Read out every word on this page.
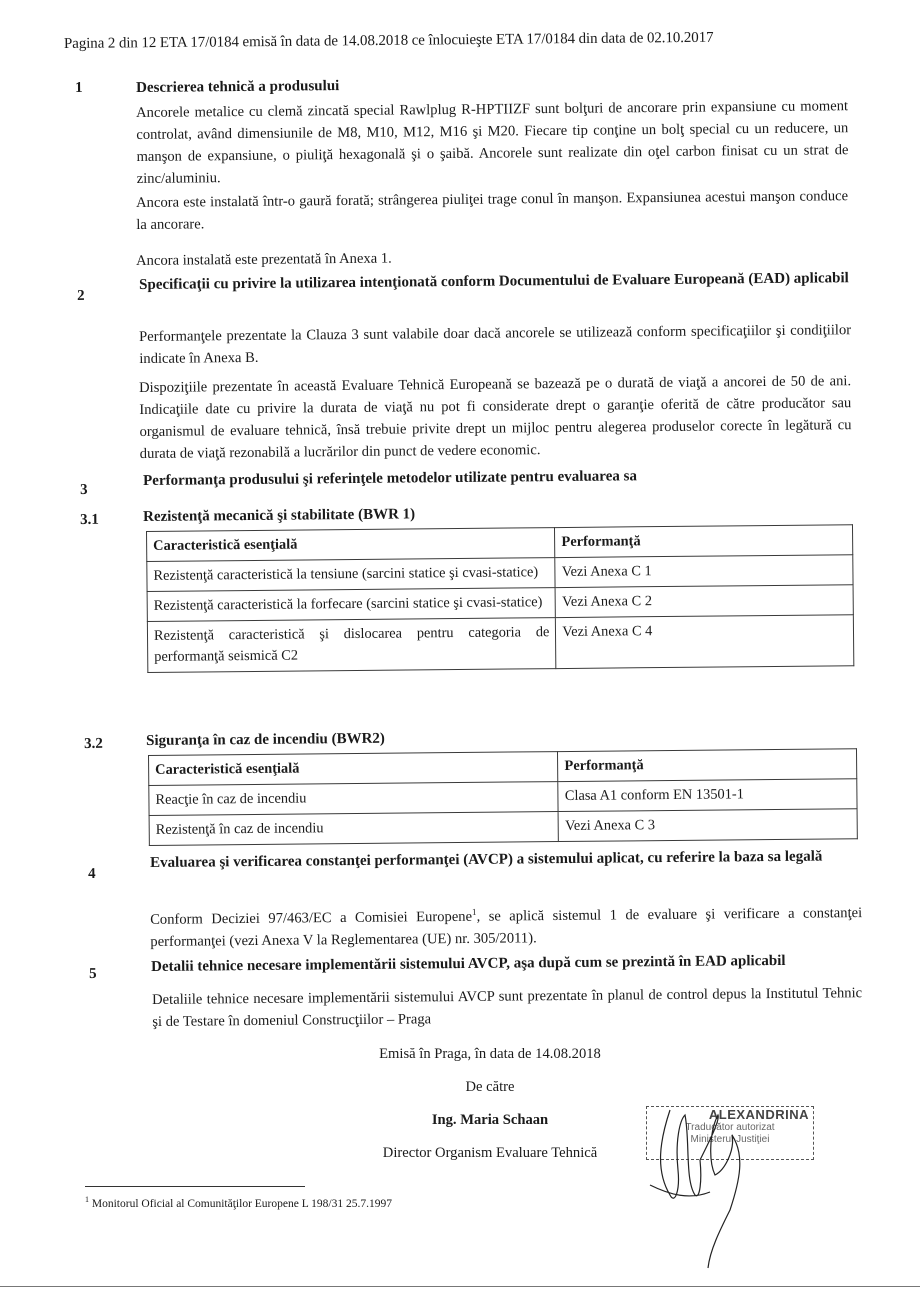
Pagina 2 din 12 ETA 17/0184 emisă în data de 14.08.2018 ce înlocuieşte ETA 17/0184 din data de 02.10.2017
1	Descrierea tehnică a produsului
Ancorele metalice cu clemă zincată special Rawlplug R-HPTIIZF sunt bolţuri de ancorare prin expansiune cu moment controlat, având dimensiunile de M8, M10, M12, M16 şi M20. Fiecare tip conţine un bolţ special cu un reducere, un manşon de expansiune, o piuliţă hexagonală şi o şaibă. Ancorele sunt realizate din oţel carbon finisat cu un strat de zinc/aluminiu.
Ancora este instalată într-o gaură forată; strângerea piuliţei trage conul în manşon. Expansiunea acestui manşon conduce la ancorare.
Ancora instalată este prezentată în Anexa 1.
2
Specificaţii cu privire la utilizarea intenţionată conform Documentului de Evaluare Europeană (EAD) aplicabil
Performanţele prezentate la Clauza 3 sunt valabile doar dacă ancorele se utilizează conform specificaţiilor şi condiţiilor indicate în Anexa B.
Dispoziţiile prezentate în această Evaluare Tehnică Europeană se bazează pe o durată de viaţă a ancorei de 50 de ani. Indicaţiile date cu privire la durata de viaţă nu pot fi considerate drept o garanţie oferită de către producător sau organismul de evaluare tehnică, însă trebuie privite drept un mijloc pentru alegerea produselor corecte în legătură cu durata de viaţă rezonabilă a lucrărilor din punct de vedere economic.
3
Performanţa produsului şi referinţele metodelor utilizate pentru evaluarea sa
3.1	Rezistenţă mecanică şi stabilitate (BWR 1)
Caracteristică esenţială	Performanţă
Rezistenţă caracteristică la tensiune (sarcini statice şi cvasi-statice)	Vezi Anexa C 1
Rezistenţă caracteristică la forfecare (sarcini statice şi cvasi-statice)	Vezi Anexa C 2
Rezistenţă caracteristică şi dislocarea pentru categoria de performanţă seismică C2	Vezi Anexa C 4
3.2	Siguranţa în caz de incendiu (BWR2)
Caracteristică esenţială	Performanţă
Reacţie în caz de incendiu	Clasa A1 conform EN 13501-1
Rezistenţă în caz de incendiu	Vezi Anexa C 3
4
Evaluarea şi verificarea constanţei performanţei (AVCP) a sistemului aplicat, cu referire la baza sa legală
Conform Deciziei 97/463/EC a Comisiei Europene$^1$, se aplică sistemul 1 de evaluare şi verificare a constanţei performanţei (vezi Anexa V la Reglementarea (UE) nr. 305/2011).
5	Detalii tehnice necesare implementării sistemului AVCP, aşa după cum se prezintă în EAD aplicabil
Detaliile tehnice necesare implementării sistemului AVCP sunt prezentate în planul de control depus la Institutul Tehnic şi de Testare în domeniul Construcţiilor – Praga
Emisă în Praga, în data de 14.08.2018
De către
Ing. Maria Schaan
Director Organism Evaluare Tehnică
ALEXANDRINA
Traducător autorizat
Ministerul Justiţiei
$^1$ Monitorul Oficial al Comunităţilor Europene L 198/31 25.7.1997
